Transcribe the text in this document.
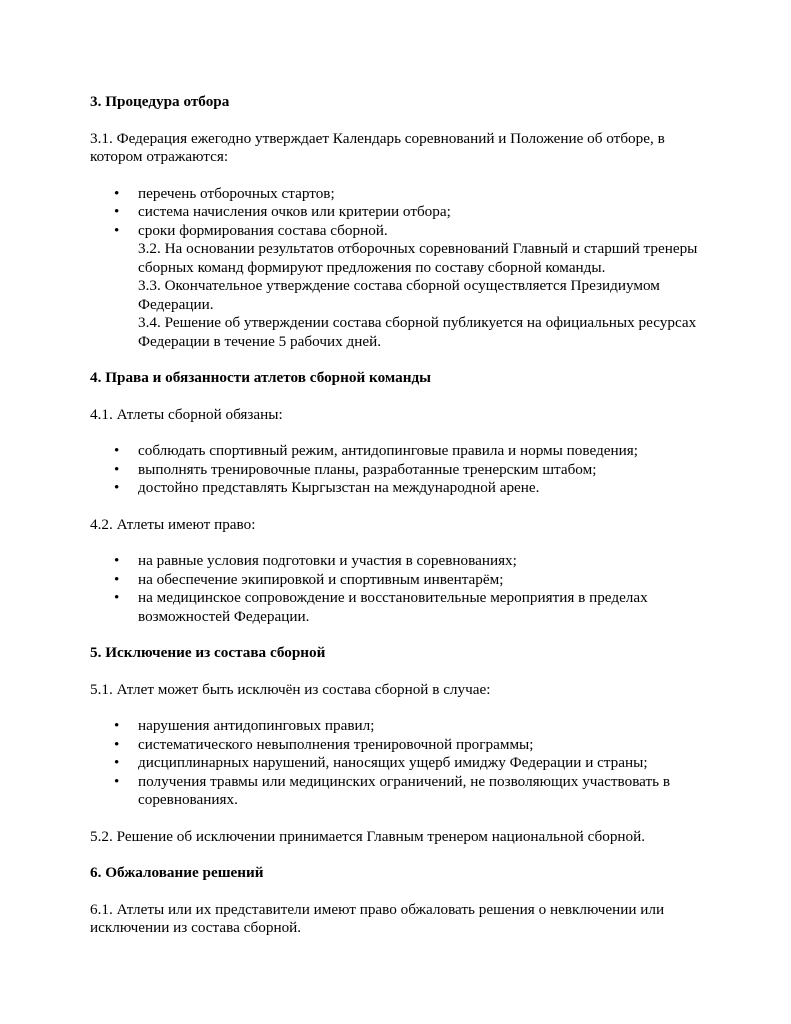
3. Процедура отбора

3.1. Федерация ежегодно утверждает Календарь соревнований и Положение об отборе, в котором отражаются:

• перечень отборочных стартов;
• система начисления очков или критерии отбора;
• сроки формирования состава сборной.

3.2. На основании результатов отборочных соревнований Главный и старший тренеры сборных команд формируют предложения по составу сборной команды.

3.3. Окончательное утверждение состава сборной осуществляется Президиумом Федерации.

3.4. Решение об утверждении состава сборной публикуется на официальных ресурсах Федерации в течение 5 рабочих дней.

4. Права и обязанности атлетов сборной команды

4.1. Атлеты сборной обязаны:

• соблюдать спортивный режим, антидопинговые правила и нормы поведения;
• выполнять тренировочные планы, разработанные тренерским штабом;
• достойно представлять Кыргызстан на международной арене.

4.2. Атлеты имеют право:

• на равные условия подготовки и участия в соревнованиях;
• на обеспечение экипировкой и спортивным инвентарём;
• на медицинское сопровождение и восстановительные мероприятия в пределах возможностей Федерации.
5. Исключение из состава сборной

5.1. Атлет может быть исключён из состава сборной в случае:

• нарушения антидопинговых правил;
• систематического невыполнения тренировочной программы;
• дисциплинарных нарушений, наносящих ущерб имиджу Федерации и страны;
• получения травмы или медицинских ограничений, не позволяющих участвовать в соревнованиях.

5.2. Решение об исключении принимается Главным тренером национальной сборной.

6. Обжалование решений

6.1. Атлеты или их представители имеют право обжаловать решения о невключении или исключении из состава сборной.
